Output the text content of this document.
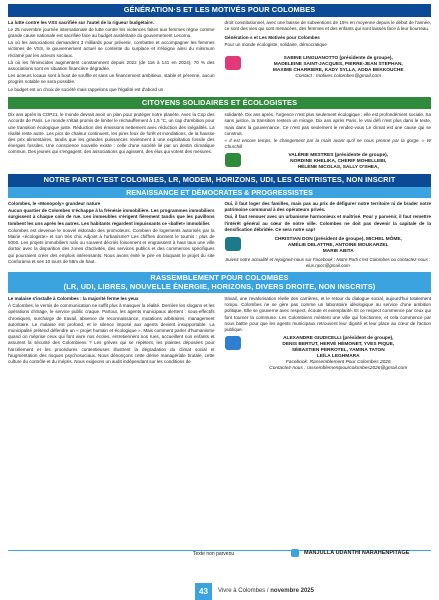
GÉNÉRATION·S ET LES MOTIVÉS POUR COLOMBES

La lutte contre les VSS sacrifiée sur l'autel de la rigueur budgétaire.

Le 25 novembre journée internationale de lutte contre les violences faites aux femmes règne comme grande cause nationale est sacrifiée face au budget austéritaire du gouvernement Lecornu.

La où les associations demandent 3 milliards pour prévenir, combattre et accompagner les femmes victimes de VSS, le gouvernement actuel se contente du surplace et s'éloigne ainsi du minimum réclamé par les acteurs sociaux.

Là où les féminicides augmentent constamment depuis 2022 (de 116 à 141 en 2024), 70 % des associations sont en situation financière dégradée.

Les acteurs locaux sont à bout de souffle et sans un financement ambitieux, stable et pérenne, aucun progrès notable ne sera possible.

Le budget est un choix de société mais rappelons que l'égalité est d'abord un

droit constitutionnel, avec une baisse de subventions de 15% en moyenne depuis le début de l'année, ce sont des vies qui sont menacées, des femmes et des enfants qui sont laissés face à leur bourreau.

Génération·s et Les Motivés pour Colombes

Pour un monde écologiste, solidaire, démocratique

SABINE LINGUANOTTO (présidente de groupe),
MADELEINE SAINT-JACQUES, PIERRE-JEAN STEPHAN,
MAXIME CHARRIERE, KADY SYLLA, ADDA BEKKOUCHE
Contact : motives.colombes@gmail.com
CITOYENS SOLIDAIRES ET ÉCOLOGISTES

Dix ans après la COP21, le monde devrait avoir un plan pour protéger notre planète. Avec la Cop des Accords de Paris. Le monde s'était promis de limiter le réchauffement à 1,5 °C, un cap d'ambition pour une transition écologique juste. Réduction des émissions nettement avec réduction des inégalités. La réalité reste autre. Les pics de chaleur continuent, les pires feux de forêt et inondations, de la hausse des prix alimentaires, tandis que les grandes puissances reviennent à une exploitation fossile des énergies fossiles. Une conscience nouvelle existe : celle d'une société lié par un destin climatique commun. Des jeunes qui s'engagent, des associations qui agissent, des élus qui votent des mesures.

solidarité. Dix ans après, l'urgence n'est plus seulement écologique : elle est profondément sociale. Sa sans justice, la transition restera un mirage. Dix ans après Paris, le vrai défi n'est plus dans le texte, mais dans la gouvernance. Ce n'est pas seulement le rendez-vous Le climat est une cause qui se construit.

« Il est encore temps, le changement par la main avant qu'il ne nous prenne par la gorge. » W Churchill

VALÉRIE MESTRES (présidente de groupe),
NORDINE KHELIKA, CHERIF MOHELLEBI,
HÉLÈNE NICOLAS, SALLY O'SHEA,
NOTRE PARTI C'EST COLOMBES, LR, MODEM, HORIZONS, UDI, LES CENTRISTES, NON INSCRIT
RENAISSANCE ET DÉMOCRATES & PROGRESSISTES

Colombes, le «Monopoly» grandeur nature

Aucun quartier de Colombes n'échappe à la frénésie immobilière. Les programmes immobiliers surgissent à chaque coin de rue. Les immeubles s'érigent fièrement tandis que les pavillons tombent les uns après les autres. Les habitants regardent impuissants ce «ballet» immobilier.

Colombes est devenue le nouvel eldorado des promoteurs. Combien de logements autorisés par la Mairie «écologiste» et son très chic Adjoint à l'urbanisme? Les chiffres donnent le tournis : plus de 5000. Les projets immobiliers naîs ou souvent décriés foisonnent et engraissent à haut taux une ville dortoir avec la disparition des zones d'activités, des services publics et des commerces spécifiques qui pourraient créer des emplois intéressants. Nous avons évité le pire en bloquant le projet du site Conforama et ses 10 tours de 58m de haut.

Oui, il faut loger des familles, mais pas au prix de défigurer notre territoire ni de brader notre patrimoine communal à des opérateurs privés.

Oui, il faut renouer avec un urbanisme harmonieux et maîtrisé. Pour y parvenir, il faut remettre l'intérêt général au cœur de notre ville. Colombes ne doit pas devenir la capitale de la densification débridée. Ce sera notre cap!

CHRISTIAN DON (président de groupe), MICHEL MÔME,
AMÉLIE DELATTRE, ANTOINE MOUKARZEL
MARIE ABITA
Suivez notre actualité et rejoignez-nous sur Facebook : Notre Parti c'est Colombes ou contactez-nous : elus.npcc@gmail.com
RASSEMBLEMENT POUR COLOMBES
(LR, UDI, LIBRES, NOUVELLE ÉNERGIE, HORIZONS, DIVERS DROITE, NON INSCRITS)

Le malaise s'installe à Colombes : la majorité ferme les yeux

À Colombes, le vernis de communication ne suffit plus à masquer la réalité. Derrière les slogans et les opérations d'image, le service public craque. Partout, les agents municipaux alertent : sous-effectifs chroniques, surcharge de travail, absence de reconnaissance, mutations arbitraires, management autoritaire. Le malaise est profond, et le silence imposé aux agents devient insupportable. La municipalité prétend défendre un « projet humain et écologique ». Mais comment parler d'humanisme quand on méprise ceux qui font vivre nos écoles, entretiennent nos rues, accueillent nos enfants et assurent la sécurité des Colombiens ? Les grèves qui se répètent, les plaintes déposées pour harcèlement et les procédures contentieuses illustrent la dégradation du climat social et l'augmentation des risques psychosociaux. Nous dénonçons cette dérive managériale brutale, cette culture du contrôle et du mépris. Nous exigeons un audit indépendant sur les conditions de

travail, une revalorisation réelle des carrières, et le retour du dialogue social, aujourd'hui totalement rompu. Colombes ne se gère pas comme un laboratoire idéologique au service d'une ambition politique. Elle se gouverne avec respect, écoute et exemplarité. Et ce respect commence par ceux qui font tourner la commune. Les Colombiens méritent une ville qui fonctionne, et cela commence par nous battre pour que les agents municipaux retrouvent leur dignité et leur place au cœur de l'action publique.

ALEXANDRE GIUDICELLI (président de groupe),
DENIS BERTUT, HERVÉ HÉMONET, YVES PIQUE,
SÉBASTIEN PERROTEL, YAMINA TATON
LEÏLA LEGHMARA
Facebook: Rassemblement Pour Colombes 2026
Contactez-nous : rassemblementpourcolombes2026@gmail.com
Texte non parvenu	MANJULLA UDANTHI NARAHENPITAGE
43	Vivre à Colombes / novembre 2025
